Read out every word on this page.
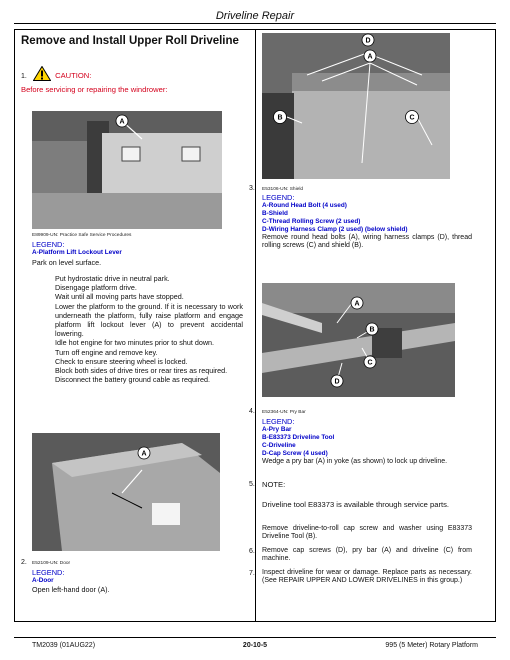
Driveline Repair
Remove and Install Upper Roll Driveline
1.	CAUTION:
Before servicing or repairing the windrower:
A
E89909-UN: Practice Safe Service Procedures
LEGEND:
A-Platform Lift Lockout Lever
Park on level surface.
Put hydrostatic drive in neutral park.
Disengage platform drive.
Wait until all moving parts have stopped.
Lower the platform to the ground. If it is necessary to work underneath the platform, fully raise platform and engage platform lift lockout lever (A) to prevent accidental lowering.
Idle hot engine for two minutes prior to shut down.
Turn off engine and remove key.
Check to ensure steering wheel is locked.
Block both sides of drive tires or rear tires as required.
Disconnect the battery ground cable as required.
A
2. E52109-UN: Door
LEGEND:
A-Door
Open left-hand door (A).
D
A
B	C
3. E53106-UN: Shield
LEGEND:
A-Round Head Bolt (4 used)
B-Shield
C-Thread Rolling Screw (2 used)
D-Wiring Harness Clamp (2 used) (below shield)
Remove round head bolts (A), wiring harness clamps (D), thread rolling screws (C) and shield (B).
A
B
C
D
4. E52364-UN: Pry Bar
LEGEND:
A-Pry Bar
B-E83373 Driveline Tool
C-Driveline
D-Cap Screw (4 used)
Wedge a pry bar (A) in yoke (as shown) to lock up driveline.
5. NOTE:
Driveline tool E83373 is available through service parts.
Remove driveline-to-roll cap screw and washer using E83373 Driveline Tool (B).
6. Remove cap screws (D), pry bar (A) and driveline (C) from machine.
7. Inspect driveline for wear or damage. Replace parts as necessary. (See REPAIR UPPER AND LOWER DRIVELINES in this group.)
TM2039 (01AUG22)	20-10-5	995 (5 Meter) Rotary Platform
